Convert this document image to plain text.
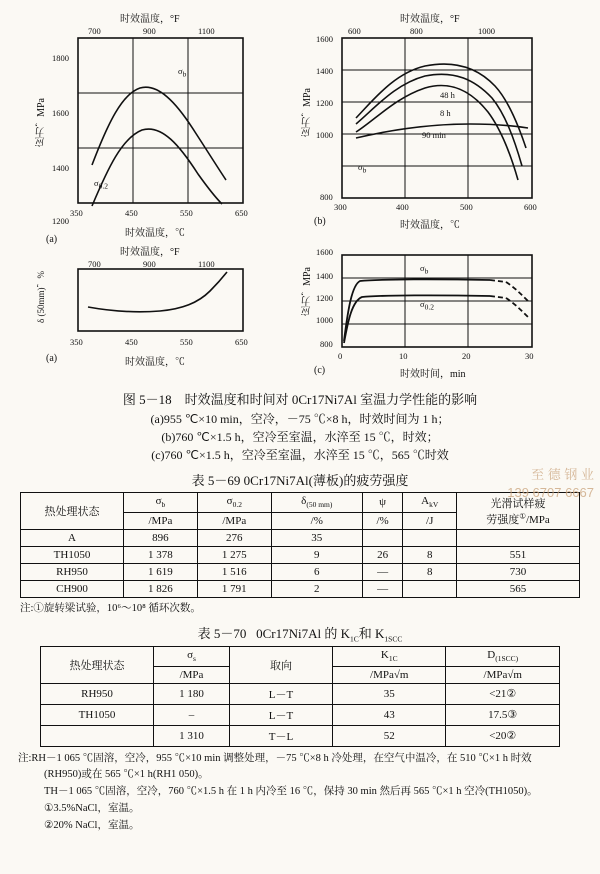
时效温度，°F
700	900	1100
1800
1600
1400
1200
350	450	550	650
应力，MPa
时效温度，℃
$\sigma_b$
$\sigma_{0.2}$
(a)
时效温度，°F
600	800	1000
1600
1400
1200
1000
800
300	400	500	600
应力，MPa
时效温度，℃
48 h
8 h
90 min
$\sigma_b$
(b)
时效温度，°F
700	900	1100
350	450	550	650
δ (50mm)，%
时效温度，℃
(a)
1600
1400
1200
1000
800
0	10	20	30
应力，MPa
时效时间，min
$\sigma_b$
$\sigma_{0.2}$
(c)
图 5－18 时效温度和时间对 0Cr17Ni7Al 室温力学性能的影响
(a)955 ℃×10 min，空冷，－75 ℃×8 h，时效时间为 1 h；
(b)760 ℃×1.5 h，空冷至室温，水淬至 15 ℃，时效；
(c)760 ℃×1.5 h，空冷至室温，水淬至 15 ℃，565 ℃时效
至 德 钢 业
139 6707 6667
表 5－69 0Cr17Ni7Al(薄板)的疲劳强度
热处理状态	$\sigma_b$	$\sigma_{0.2}$	$\delta_{(50 mm)}$	ψ	$A_{kV}$	光滑试样疲
劳强度①/MPa
	/MPa	/MPa	/%	/%	/J	
A	896	276	35			
TH1050	1 378	1 275	9	26	8	551
RH950	1 619	1 516	6	—	8	730
CH900	1 826	1 791	2	—		565
注:①旋转梁试验，10⁶～10⁸ 循环次数。
表 5－70   0Cr17Ni7Al 的 $K_{1C}$和 $K_{1SCC}$
热处理状态	$\sigma_s$	取向	$K_{1C}$	$D_{(1SCC)}$
	/MPa		/MPa√m	/MPa√m
RH950	1 180	L－T	35	<21②
TH1050	–	L－T	43	17.5③
	1 310	T－L	52	<20②
注:RH－1 065 ℃固溶，空冷，955 ℃×10 min 调整处理，－75 ℃×8 h 冷处理，在空气中温冷，在 510 ℃×1 h 时效
(RH950)或在 565 ℃×1 h(RH1 050)。
TH－1 065 ℃固溶，空冷，760 ℃×1.5 h 在 1 h 内冷至 16 ℃，保持 30 min 然后再 565 ℃×1 h 空冷(TH1050)。
①3.5%NaCl，室温。
②20% NaCl，室温。
